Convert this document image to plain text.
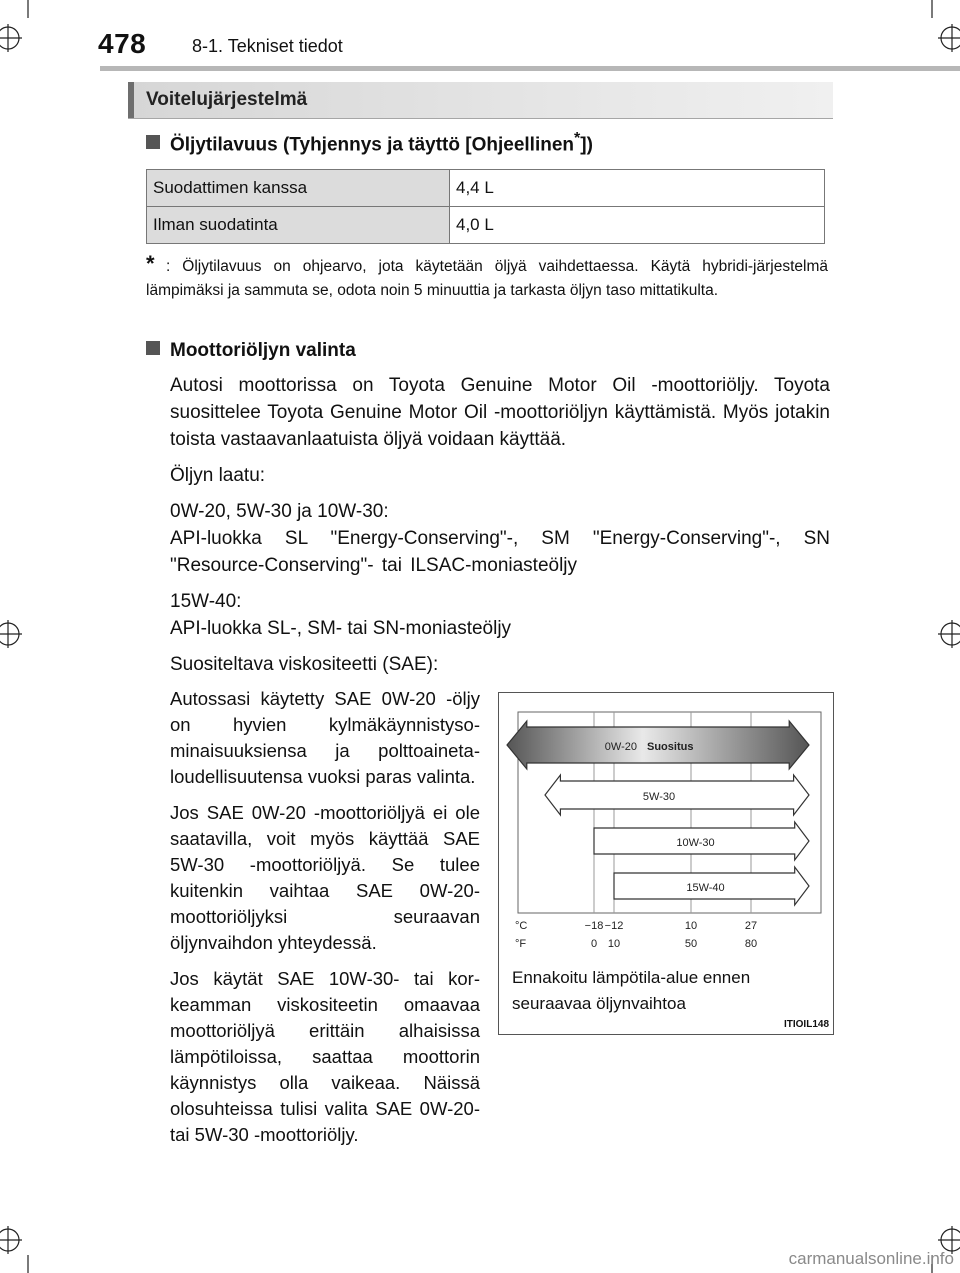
478	8-1. Tekniset tiedot
Voitelujärjestelmä
Öljytilavuus (Tyhjennys ja täyttö [Ohjeellinen*])
Suodattimen kanssa	4,4 L
Ilman suodatinta	4,0 L
* : Öljytilavuus on ohjearvo, jota käytetään öljyä vaihdettaessa. Käytä hybridi-järjestelmä lämpimäksi ja sammuta se, odota noin 5 minuuttia ja tarkasta öljyn taso mittatikulta.
Moottoriöljyn valinta

Autosi moottorissa on Toyota Genuine Motor Oil -moottoriöljy. Toyota suosittelee Toyota Genuine Motor Oil -moottoriöljyn käyttämistä. Myös jotakin toista vastaavanlaatuista öljyä voidaan käyttää.

Öljyn laatu:

0W-20, 5W-30 ja 10W-30:

API-luokka SL "Energy-Conserving"-, SM "Energy-Conserving"-, SN "Resource-Conserving"- tai ILSAC-moniasteöljy

15W-40:

API-luokka SL-, SM- tai SN-moniasteöljy

Suositeltava viskositeetti (SAE):

Autossasi käytetty SAE 0W-20 -öljy on hyvien kylmäkäynnistyso-minaisuuksiensa ja polttoaineta-loudellisuutensa vuoksi paras valinta.

Jos SAE 0W-20 -moottoriöljyä ei ole saatavilla, voit myös käyttää SAE 5W-30 -moottoriöljyä. Se tulee kuitenkin vaihtaa SAE 0W-20-moottoriöljyksi seuraavan öljynvaihdon yhteydessä.

Jos käytät SAE 10W-30- tai kor-keamman viskositeetin omaavaa moottoriöljyä erittäin alhaisissa lämpötiloissa, saattaa moottorin käynnistys olla vaikeaa. Näissä olosuhteissa tulisi valita SAE 0W-20- tai 5W-30 -moottoriöljy.

0W-20 Suositus
5W-30
10W-30
15W-40
°C
°F
−18
0
−12
10
10
50
27
80
ITIOIL148
Ennakoitu lämpötila-alue ennen seuraavaa öljynvaihtoa
carmanualsonline.info
